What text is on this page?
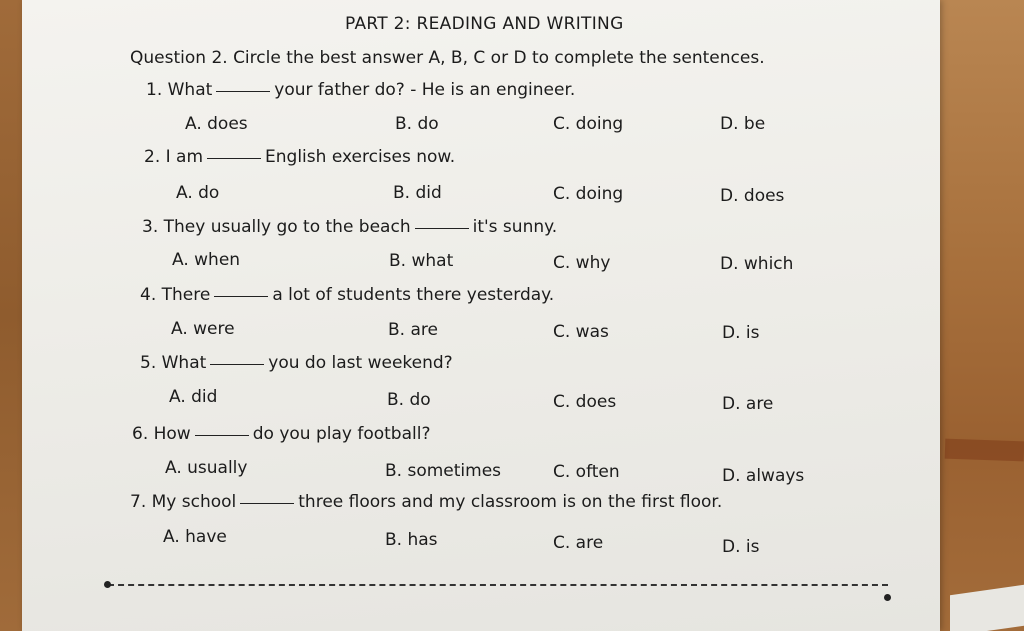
PART 2: READING AND WRITING
Question 2. Circle the best answer A, B, C or D to complete the sentences.
1. What	your father do? - He is an engineer.
A. does	B. do	C. doing	D. be
2. I am	English exercises now.
A. do	B. did	C. doing	D. does
3. They usually go to the beach	it's sunny.
A. when	B. what	C. why	D. which
4. There	a lot of students there yesterday.
A. were	B. are	C. was	D. is
5. What	you do last weekend?
A. did	B. do	C. does	D. are
6. How	do you play football?
A. usually	B. sometimes	C. often	D. always
7. My school	three floors and my classroom is on the first floor.
A. have	B. has	C. are	D. is
